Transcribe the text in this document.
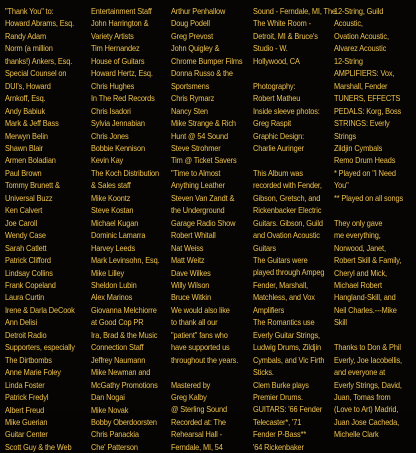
"Thank You" to:
Howard Abrams, Esq.
Randy Adam
Norm (a million
thanks!) Ankers, Esq.
Special Counsel on
DUI's, Howard
Arnkoff, Esq.
Andy Babiuk
Mark & Jeff Bass
Merwyn Belin
Shawn Blair
Armen Boladian
Paul Brown
Tommy Brunett &
Universal Buzz
Ken Calvert
Joe Caroll
Wendy Case
Sarah Catlett
Patrick Clifford
Lindsay Collins
Frank Copeland
Laura Curtin
Irene & Darla DeCook
Ann Delisi
Detroit Radio
Supporters, especially
The Dirtbombs
Anne Marie Foley
Linda Foster
Patrick Fredyl
Albert Freud
Mike Guerian
Guitar Center
Scott Guy & the Web
Entertainment Staff
John Harrington &
Variety Artists
Tim Hernandez
House of Guitars
Howard Hertz, Esq.
Chris Hughes
In The Red Records
Chris Isadori
Sylvia Jennabian
Chris Jones
Bobbie Kennison
Kevin Kay
The Koch Distribution
& Sales staff
Mike Koontz
Steve Kostan
Michael Kugan
Dominic Lamarra
Harvey Leeds
Mark Levinsohn, Esq.
Mike Lilley
Sheldon Lubin
Alex Marinos
Giovanna Melchiorre
at Good Cop PR
Ira, Brad & the Music
Connection Staff
Jeffrey Naumann
Mike Newman and
McGathy Promotions
Dan Nogai
Mike Novak
Bobby Oberdoorsten
Chris Panackia
Che' Patterson
Arthur Penhallow
Doug Podell
Greg Prevost
John Quigley &
Chrome Bumper Films
Donna Russo & the
Sportsmens
Chris Rymarz
Nancy Sten
Mike Strange & Rich
Hunt @ 54 Sound
Steve Strohmer
Tim @ Ticket Savers
"Time to Almost
Anything Leather
Steven Van Zandt &
the Underground
Garage Radio Show
Robert Whitall
Nat Weiss
Matt Weitz
Dave Wilkes
Willy Wilson
Bruce Witkin
We would also like
to thank all our
"patient" fans who
have supported us
throughout the years.
Mastered by
Greg Kalby
@ Sterling Sound
Recorded at: The
Rehearsal Hall -
Ferndale, MI, 54
Sound - Ferndale, MI, The
The White Room -
Detroit, MI & Bruce's
Studio - W.
Hollywood, CA
Photography:
Robert Matheu
Inside sleeve photos:
Greg Raspit
Graphic Design:
Charlie Auringer
This Album was
recorded with Fender,
Gibson, Gretsch, and
Rickenbacker Electric
Guitars. Gibson, Guild
and Ovation Acoustic
Guitars
The Guitars were
played through Ampeg
Fender, Marshall,
Matchless, and Vox
Amplifiers
The Romantics use
Everly Guitar Strings,
Ludwig Drums, Zildjin
Cymbals, and Vic Firth
Sticks.
Clem Burke plays
Premier Drums.
GUITARS: '66 Fender
Telecaster*, '71
Fender P-Bass**
'64 Rickenbaker
12-String, Guild
Acoustic,
Ovation Acoustic,
Alvarez Acoustic
12-String
AMPLIFIERS: Vox,
Marshall, Fender
TUNERS, EFFECTS
PEDALS: Korg, Boss
STRINGS: Everly
Strings
Zildjin Cymbals
Remo Drum Heads
* Played on "I Need
You"
** Played on all songs
They only gave
me everything,
Norwood, Janet,
Robert Skill & Family,
Cheryl and Mick,
Michael Robert
Hangland-Skill, and
Neil Charles.---Mike
Skill
Thanks to Don & Phil
Everly, Joe Iacobellis,
and everyone at
Everly Strings, David,
Juan, Tomas from
(Love to Art) Madrid,
Juan Jose Cacheda,
Michelle Clark
